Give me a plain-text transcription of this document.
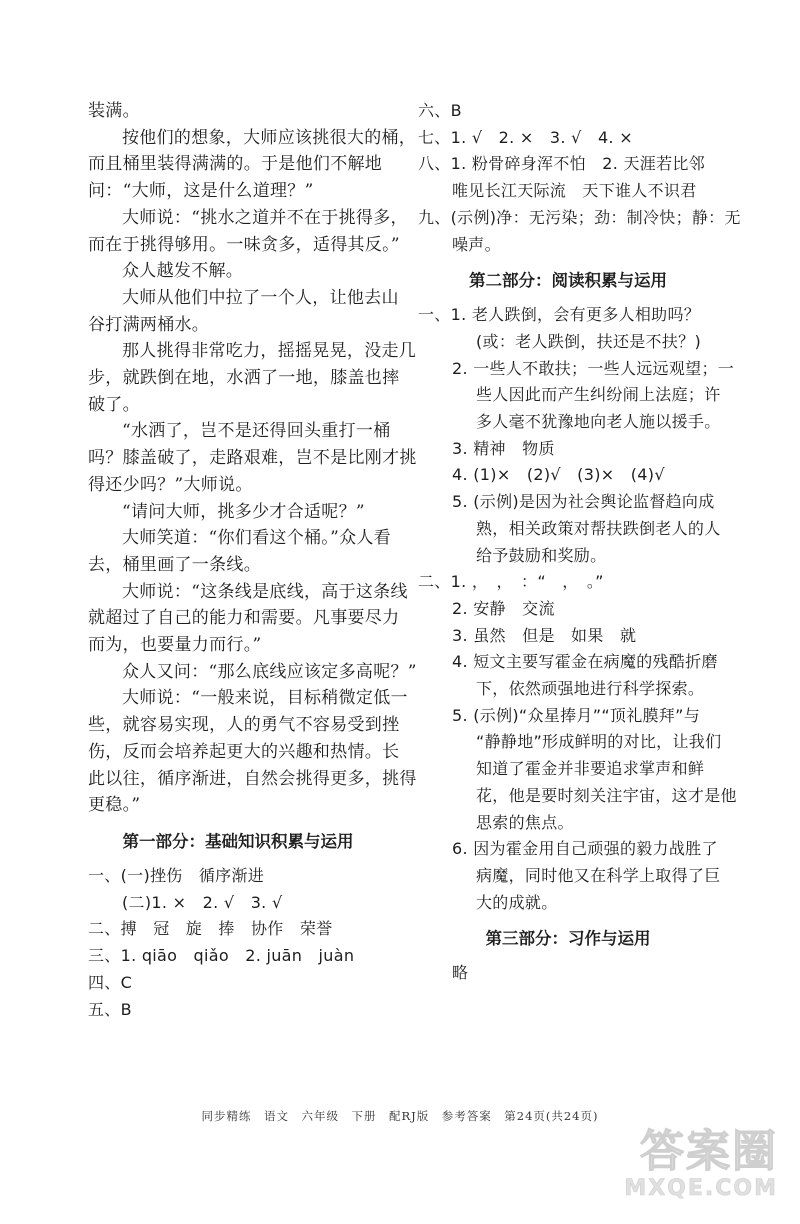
装满。
按他们的想象，大师应该挑很大的桶，
而且桶里装得满满的。于是他们不解地
问：“大师，这是什么道理？”
大师说：“挑水之道并不在于挑得多，
而在于挑得够用。一味贪多，适得其反。”
众人越发不解。
大师从他们中拉了一个人，让他去山
谷打满两桶水。
那人挑得非常吃力，摇摇晃晃，没走几
步，就跌倒在地，水洒了一地，膝盖也摔
破了。
“水洒了，岂不是还得回头重打一桶
吗？膝盖破了，走路艰难，岂不是比刚才挑
得还少吗？”大师说。
“请问大师，挑多少才合适呢？”
大师笑道：“你们看这个桶。”众人看
去，桶里画了一条线。
大师说：“这条线是底线，高于这条线
就超过了自己的能力和需要。凡事要尽力
而为，也要量力而行。”
众人又问：“那么底线应该定多高呢？”
大师说：“一般来说，目标稍微定低一
些，就容易实现，人的勇气不容易受到挫
伤，反而会培养起更大的兴趣和热情。长
此以往，循序渐进，自然会挑得更多，挑得
更稳。”
第一部分：基础知识积累与运用
一、(一)挫伤　循序渐进
(二)1. ×　2. √　3. √
二、搏　冠　旋　捧　协作　荣誉
三、1. qiāo　qiǎo　2. juān　juàn
四、C
五、B
六、B
七、1. √　2. ×　3. √　4. ×
八、1. 粉骨碎身浑不怕　2. 天涯若比邻
唯见长江天际流　天下谁人不识君
九、(示例)净：无污染；劲：制冷快；静：无
噪声。
第二部分：阅读积累与运用
一、1. 老人跌倒，会有更多人相助吗？
(或：老人跌倒，扶还是不扶？)
2. 一些人不敢扶；一些人远远观望；一
些人因此而产生纠纷闹上法庭；许
多人毫不犹豫地向老人施以援手。
3. 精神　物质
4. (1)×　(2)√　(3)×　(4)√
5. (示例)是因为社会舆论监督趋向成
熟，相关政策对帮扶跌倒老人的人
给予鼓励和奖励。
二、1. ，　，　：“　，　。”
2. 安静　交流
3. 虽然　但是　如果　就
4. 短文主要写霍金在病魔的残酷折磨
下，依然顽强地进行科学探索。
5. (示例)“众星捧月”“顶礼膜拜”与
“静静地”形成鲜明的对比，让我们
知道了霍金并非要追求掌声和鲜
花，他是要时刻关注宇宙，这才是他
思索的焦点。
6. 因为霍金用自己顽强的毅力战胜了
病魔，同时他又在科学上取得了巨
大的成就。
第三部分：习作与运用
略
同步精练　语文　六年级　下册　配RJ版　参考答案　第24页(共24页)
答案圈
MXQE.COM
